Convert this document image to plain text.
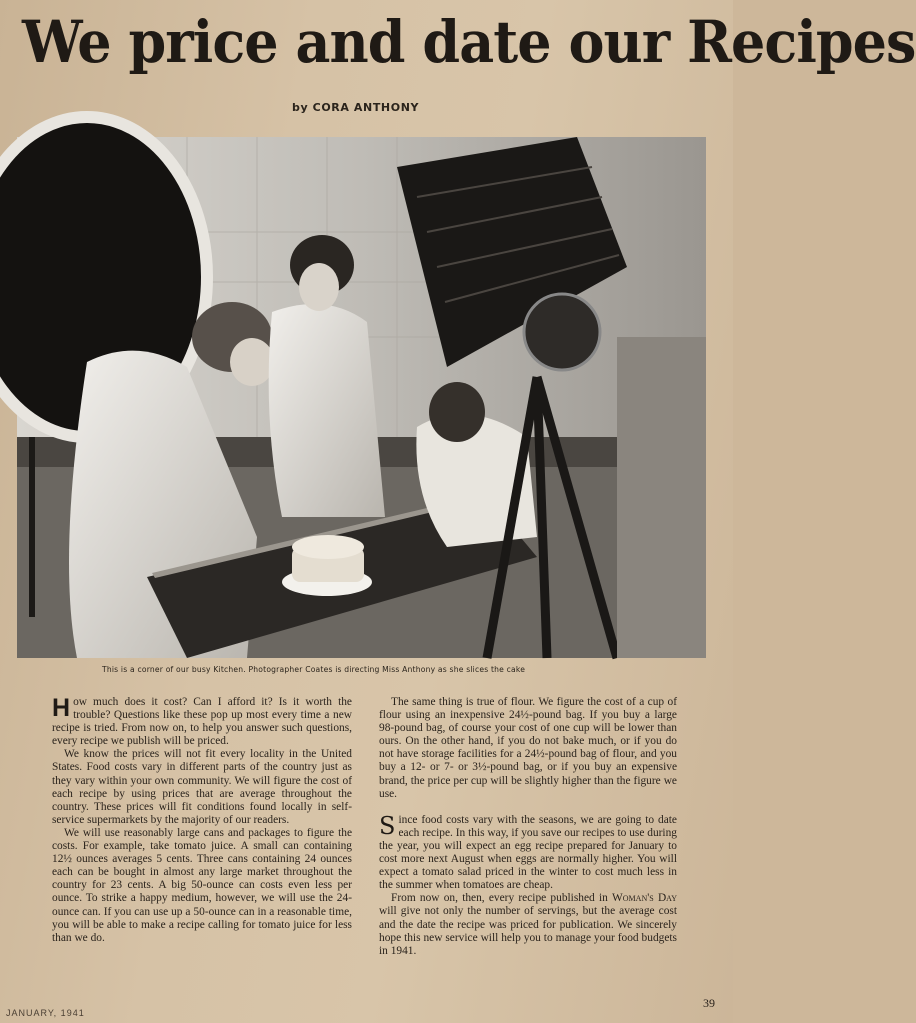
We price and date our Recipes
by CORA ANTHONY
This is a corner of our busy Kitchen. Photographer Coates is directing Miss Anthony as she slices the cake

How much does it cost? Can I afford it? Is it worth the trouble? Questions like these pop up most every time a new recipe is tried. From now on, to help you answer such questions, every recipe we publish will be priced.

We know the prices will not fit every locality in the United States. Food costs vary in different parts of the country just as they vary within your own community. We will figure the cost of each recipe by using prices that are average throughout the country. These prices will fit conditions found locally in self-service supermarkets by the majority of our readers.

We will use reasonably large cans and packages to figure the costs. For example, take tomato juice. A small can containing 12½ ounces averages 5 cents. Three cans containing 24 ounces each can be bought in almost any large market throughout the country for 23 cents. A big 50-ounce can costs even less per ounce. To strike a happy medium, however, we will use the 24-ounce can. If you can use up a 50-ounce can in a reasonable time, you will be able to make a recipe calling for tomato juice for less than we do.

The same thing is true of flour. We figure the cost of a cup of flour using an inexpensive 24½-pound bag. If you buy a large 98-pound bag, of course your cost of one cup will be lower than ours. On the other hand, if you do not bake much, or if you do not have storage facilities for a 24½-pound bag of flour, and you buy a 12- or 7- or 3½-pound bag, or if you buy an expensive brand, the price per cup will be slightly higher than the figure we use.

Since food costs vary with the seasons, we are going to date each recipe. In this way, if you save our recipes to use during the year, you will expect an egg recipe prepared for January to cost more next August when eggs are normally higher. You will expect a tomato salad priced in the winter to cost much less in the summer when tomatoes are cheap.

From now on, then, every recipe published in Woman's Day will give not only the number of servings, but the average cost and the date the recipe was priced for publication. We sincerely hope this new service will help you to manage your food budgets in 1941.

JANUARY, 1941
39
